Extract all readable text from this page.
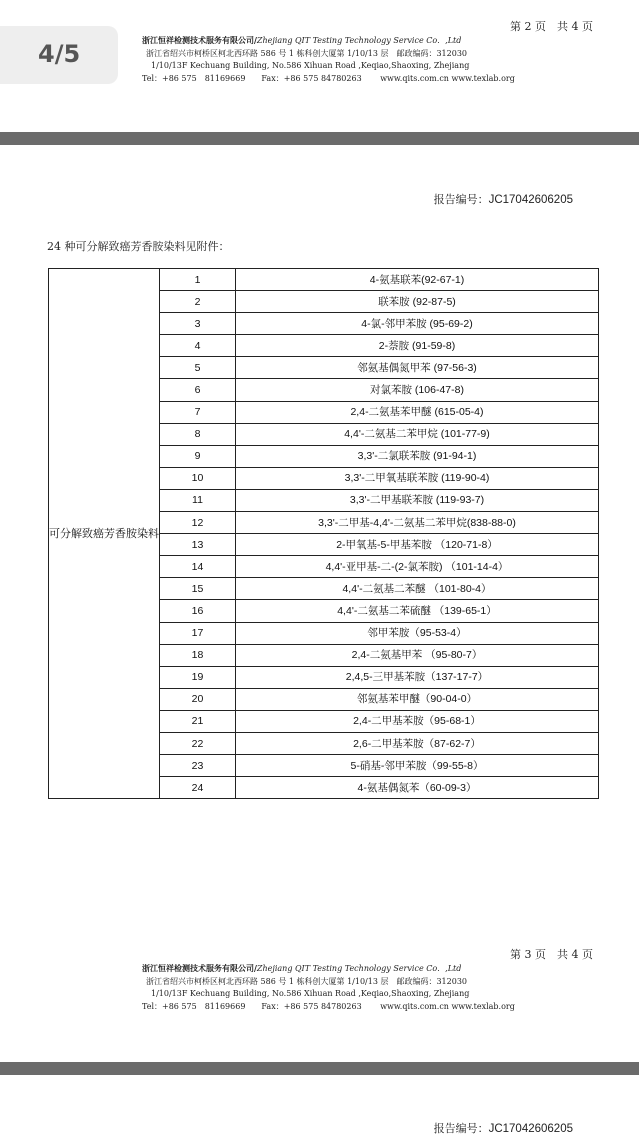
4/5
第 2 页　共 4 页
浙江恒祥检测技术服务有限公司/Zhejiang QIT Testing Technology Service Co．,Ltd
浙江省绍兴市柯桥区柯北西环路 586 号 1 栋科创大厦第 1/10/13 层　邮政编码：312030
1/10/13F Kechuang Building, No.586 Xihuan Road ,Keqiao,Shaoxing, Zhejiang
Tel：+86 575　81169669　　Fax：+86 575 84780263　　 www.qits.com.cn www.texlab.org
报告编号：JC17042606205
24 种可分解致癌芳香胺染料见附件：
可分解致癌芳香胺染料	1	4-氨基联苯(92-67-1)
	2	联苯胺 (92-87-5)
	3	4-氯-邻甲苯胺 (95-69-2)
	4	2-萘胺 (91-59-8)
	5	邻氨基偶氮甲苯 (97-56-3)
	6	对氯苯胺 (106-47-8)
	7	2,4-二氨基苯甲醚 (615-05-4)
	8	4,4'-二氨基二苯甲烷 (101-77-9)
	9	3,3'-二氯联苯胺 (91-94-1)
	10	3,3'-二甲氧基联苯胺 (119-90-4)
	11	3,3'-二甲基联苯胺 (119-93-7)
	12	3,3'-二甲基-4,4'-二氨基二苯甲烷(838-88-0)
	13	2-甲氧基-5-甲基苯胺 （120-71-8）
	14	4,4'-亚甲基-二-(2-氯苯胺) （101-14-4）
	15	4,4'-二氨基二苯醚 （101-80-4）
	16	4,4'-二氨基二苯硫醚 （139-65-1）
	17	邻甲苯胺（95-53-4）
	18	2,4-二氨基甲苯 （95-80-7）
	19	2,4,5-三甲基苯胺（137-17-7）
	20	邻氨基苯甲醚（90-04-0）
	21	2,4-二甲基苯胺（95-68-1）
	22	2,6-二甲基苯胺（87-62-7）
	23	5-硝基-邻甲苯胺（99-55-8）
	24	4-氨基偶氮苯（60-09-3）
第 3 页　共 4 页
浙江恒祥检测技术服务有限公司/Zhejiang QIT Testing Technology Service Co．,Ltd
浙江省绍兴市柯桥区柯北西环路 586 号 1 栋科创大厦第 1/10/13 层　邮政编码：312030
1/10/13F Kechuang Building, No.586 Xihuan Road ,Keqiao,Shaoxing, Zhejiang
Tel：+86 575　81169669　　Fax：+86 575 84780263　　 www.qits.com.cn www.texlab.org
报告编号：JC17042606205
